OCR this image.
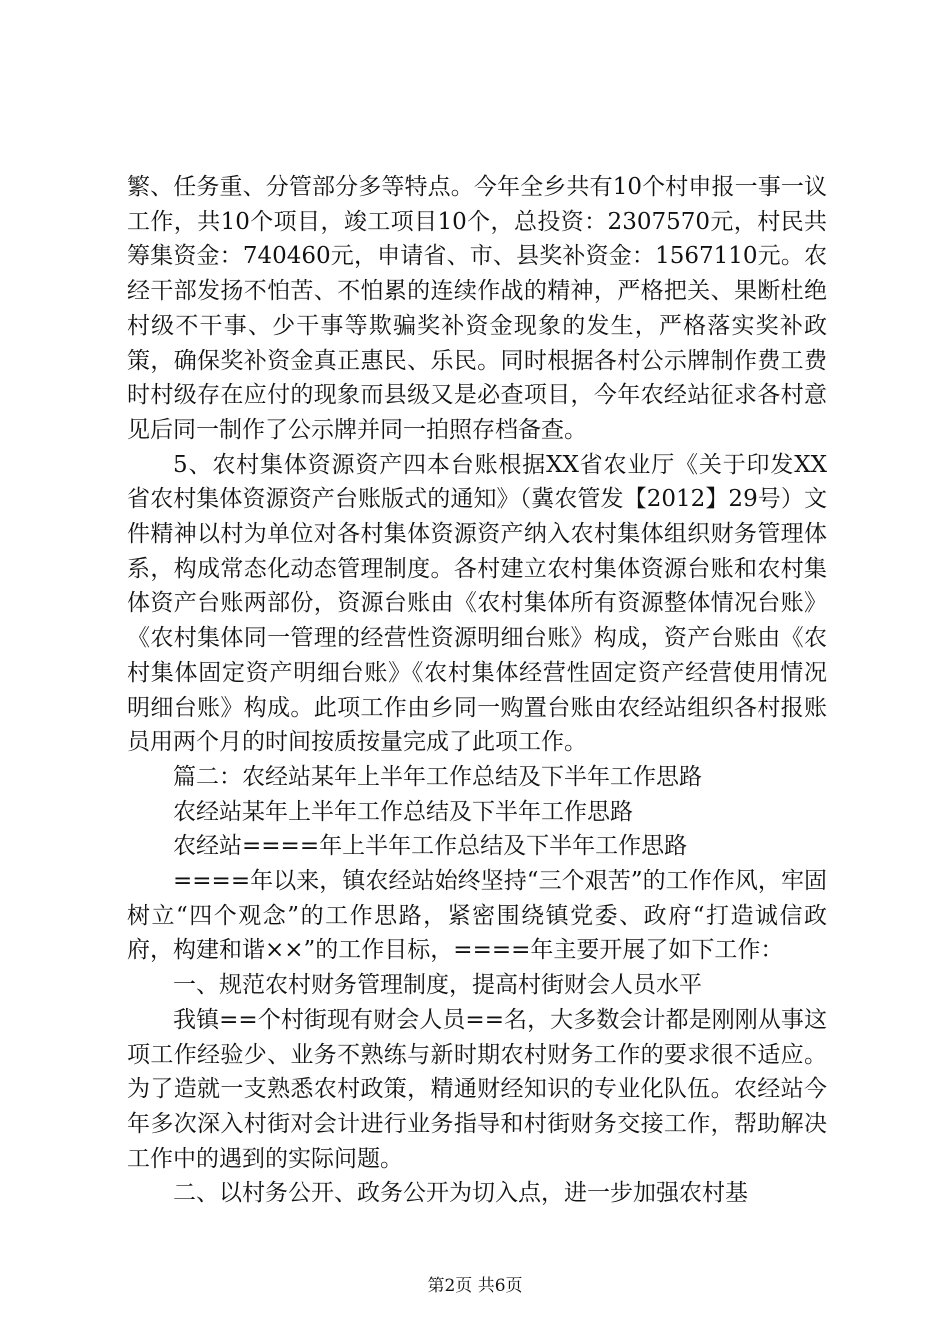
繁、任务重、分管部分多等特点。今年全乡共有10个村申报一事一议工作，共10个项目，竣工项目10个，总投资：2307570元，村民共筹集资金：740460元，申请省、市、县奖补资金：1567110元。农经干部发扬不怕苦、不怕累的连续作战的精神，严格把关、果断杜绝村级不干事、少干事等欺骗奖补资金现象的发生，严格落实奖补政策，确保奖补资金真正惠民、乐民。同时根据各村公示牌制作费工费时村级存在应付的现象而县级又是必查项目，今年农经站征求各村意见后同一制作了公示牌并同一拍照存档备查。

5、农村集体资源资产四本台账根据XX省农业厅《关于印发XX省农村集体资源资产台账版式的通知》（冀农管发【2012】29号）文件精神以村为单位对各村集体资源资产纳入农村集体组织财务管理体系，构成常态化动态管理制度。各村建立农村集体资源台账和农村集体资产台账两部份，资源台账由《农村集体所有资源整体情况台账》《农村集体同一管理的经营性资源明细台账》构成，资产台账由《农村集体固定资产明细台账》《农村集体经营性固定资产经营使用情况明细台账》构成。此项工作由乡同一购置台账由农经站组织各村报账员用两个月的时间按质按量完成了此项工作。

篇二：农经站某年上半年工作总结及下半年工作思路

农经站某年上半年工作总结及下半年工作思路

农经站====年上半年工作总结及下半年工作思路

====年以来，镇农经站始终坚持“三个艰苦”的工作作风，牢固树立“四个观念”的工作思路，紧密围绕镇党委、政府“打造诚信政府，构建和谐××”的工作目标，====年主要开展了如下工作：

一、规范农村财务管理制度，提高村街财会人员水平

我镇==个村街现有财会人员==名，大多数会计都是刚刚从事这项工作经验少、业务不熟练与新时期农村财务工作的要求很不适应。为了造就一支熟悉农村政策，精通财经知识的专业化队伍。农经站今年多次深入村街对会计进行业务指导和村街财务交接工作，帮助解决工作中的遇到的实际问题。

二、以村务公开、政务公开为切入点，进一步加强农村基

第2页 共6页
